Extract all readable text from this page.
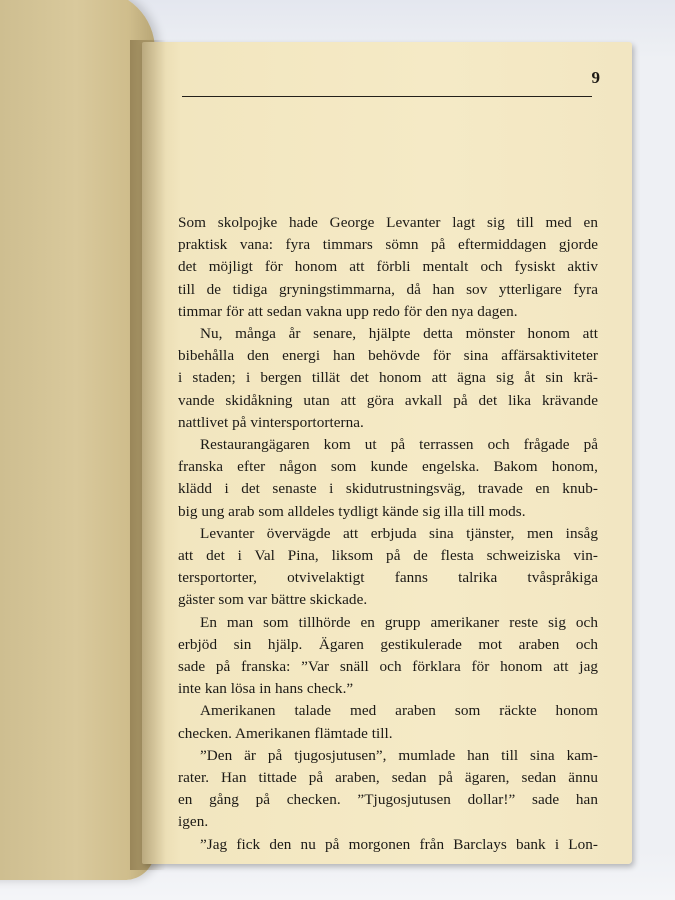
9

Som skolpojke hade George Levanter lagt sig till med en
praktisk vana: fyra timmars sömn på eftermiddagen gjorde
det möjligt för honom att förbli mentalt och fysiskt aktiv
till de tidiga gryningstimmarna, då han sov ytterligare fyra
timmar för att sedan vakna upp redo för den nya dagen.

Nu, många år senare, hjälpte detta mönster honom att
bibehålla den energi han behövde för sina affärsaktiviteter
i staden; i bergen tillät det honom att ägna sig åt sin krä-
vande skidåkning utan att göra avkall på det lika krävande
nattlivet på vintersportorterna.

Restaurangägaren kom ut på terrassen och frågade på
franska efter någon som kunde engelska. Bakom honom,
klädd i det senaste i skidutrustningsväg, travade en knub-
big ung arab som alldeles tydligt kände sig illa till mods.

Levanter övervägde att erbjuda sina tjänster, men insåg
att det i Val Pina, liksom på de flesta schweiziska vin-
tersportorter, otvivelaktigt fanns talrika tvåspråkiga
gäster som var bättre skickade.

En man som tillhörde en grupp amerikaner reste sig och
erbjöd sin hjälp. Ägaren gestikulerade mot araben och
sade på franska: ”Var snäll och förklara för honom att jag
inte kan lösa in hans check.”

Amerikanen talade med araben som räckte honom
checken. Amerikanen flämtade till.

”Den är på tjugosjutusen”, mumlade han till sina kam-
rater. Han tittade på araben, sedan på ägaren, sedan ännu
en gång på checken. ”Tjugosjutusen dollar!” sade han
igen.

”Jag fick den nu på morgonen från Barclays bank i Lon-
